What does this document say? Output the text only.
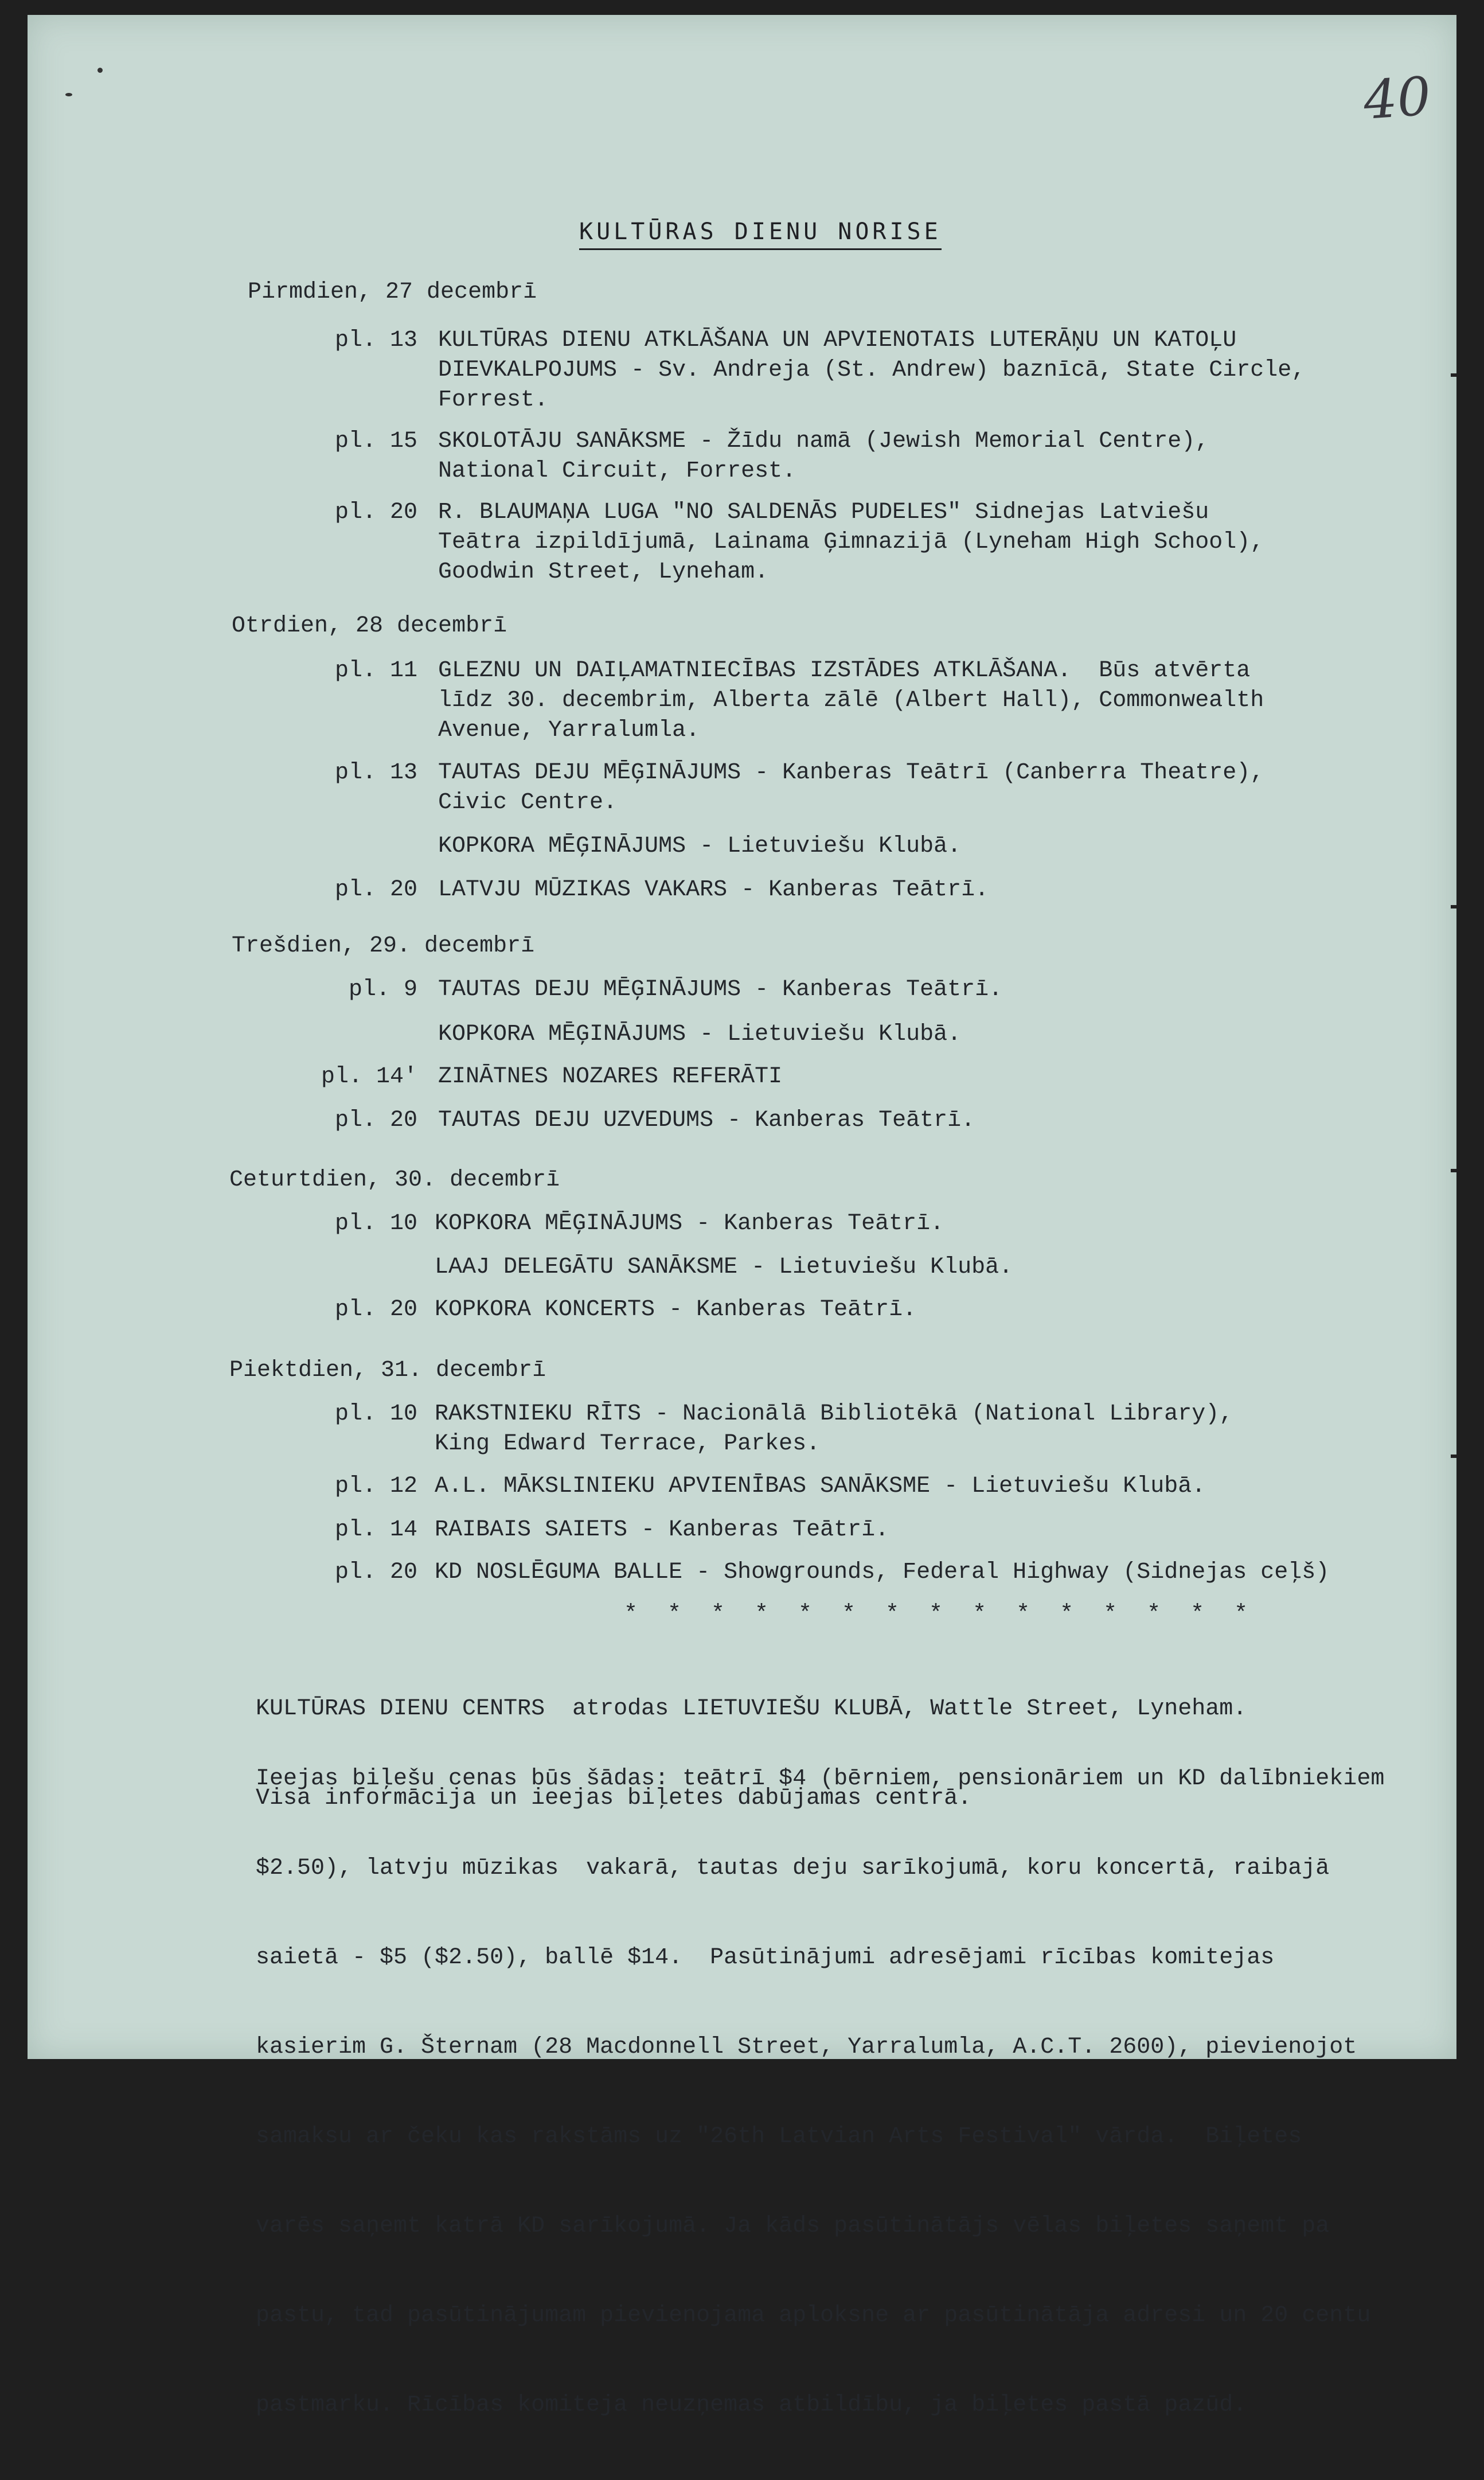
40
KULTŪRAS DIENU NORISE
Pirmdien, 27 decembrī
pl. 13 KULTŪRAS DIENU ATKLĀŠANA UN APVIENOTAIS LUTERĀŅU UN KATOĻU
DIEVKALPOJUMS - Sv. Andreja (St. Andrew) baznīcā, State Circle,
Forrest.
pl. 15 SKOLOTĀJU SANĀKSME - Žīdu namā (Jewish Memorial Centre),
National Circuit, Forrest.
pl. 20 R. BLAUMAŅA LUGA "NO SALDENĀS PUDELES" Sidnejas Latviešu
Teātra izpildījumā, Lainama Ģimnazijā (Lyneham High School),
Goodwin Street, Lyneham.
Otrdien, 28 decembrī
pl. 11 GLEZNU UN DAIĻAMATNIECĪBAS IZSTĀDES ATKLĀŠANA.  Būs atvērta
līdz 30. decembrim, Alberta zālē (Albert Hall), Commonwealth
Avenue, Yarralumla.
pl. 13 TAUTAS DEJU MĒĢINĀJUMS - Kanberas Teātrī (Canberra Theatre),
Civic Centre.
KOPKORA MĒĢINĀJUMS - Lietuviešu Klubā.
pl. 20 LATVJU MŪZIKAS VAKARS - Kanberas Teātrī.
Trešdien, 29. decembrī
pl. 9 TAUTAS DEJU MĒĢINĀJUMS - Kanberas Teātrī.
KOPKORA MĒĢINĀJUMS - Lietuviešu Klubā.
pl. 14' ZINĀTNES NOZARES REFERĀTI
pl. 20 TAUTAS DEJU UZVEDUMS - Kanberas Teātrī.
Ceturtdien, 30. decembrī
pl. 10 KOPKORA MĒĢINĀJUMS - Kanberas Teātrī.
LAAJ DELEGĀTU SANĀKSME - Lietuviešu Klubā.
pl. 20 KOPKORA KONCERTS - Kanberas Teātrī.
Piektdien, 31. decembrī
pl. 10 RAKSTNIEKU RĪTS - Nacionālā Bibliotēkā (National Library),
King Edward Terrace, Parkes.
pl. 12 A.L. MĀKSLINIEKU APVIENĪBAS SANĀKSME - Lietuviešu Klubā.
pl. 14 RAIBAIS SAIETS - Kanberas Teātrī.
pl. 20 KD NOSLĒGUMA BALLE - Showgrounds, Federal Highway (Sidnejas ceļš)
* * * * * * * * * * * * * * *

KULTŪRAS DIENU CENTRS  atrodas LIETUVIEŠU KLUBĀ, Wattle Street, Lyneham.

Visa informācija un ieejas biļetes dabūjamas centrā.

Ieejas biļešu cenas būs šādas: teātrī $4 (bērniem, pensionāriem un KD dalībniekiem

$2.50), latvju mūzikas  vakarā, tautas deju sarīkojumā, koru koncertā, raibajā

saietā - $5 ($2.50), ballē $14.  Pasūtinājumi adresējami rīcības komitejas

kasierim G. Šternam (28 Macdonnell Street, Yarralumla, A.C.T. 2600), pievienojot

samaksu ar čeku kas rakstāms uz "26th Latvian Arts Festival" vārda.  Biļetes

varēs saņemt katrā KD sarīkojumā. Ja kāds pasūtinātājs vēlas biļetes saņemt pa

pastu, tad pasūtinājumam pievienojama aploksne ar pasūtinātāja adresi un 20 centu

pastmarku. Rīcības komiteja neuzņemas atbildību, ja biļetes pastā pazūd.
